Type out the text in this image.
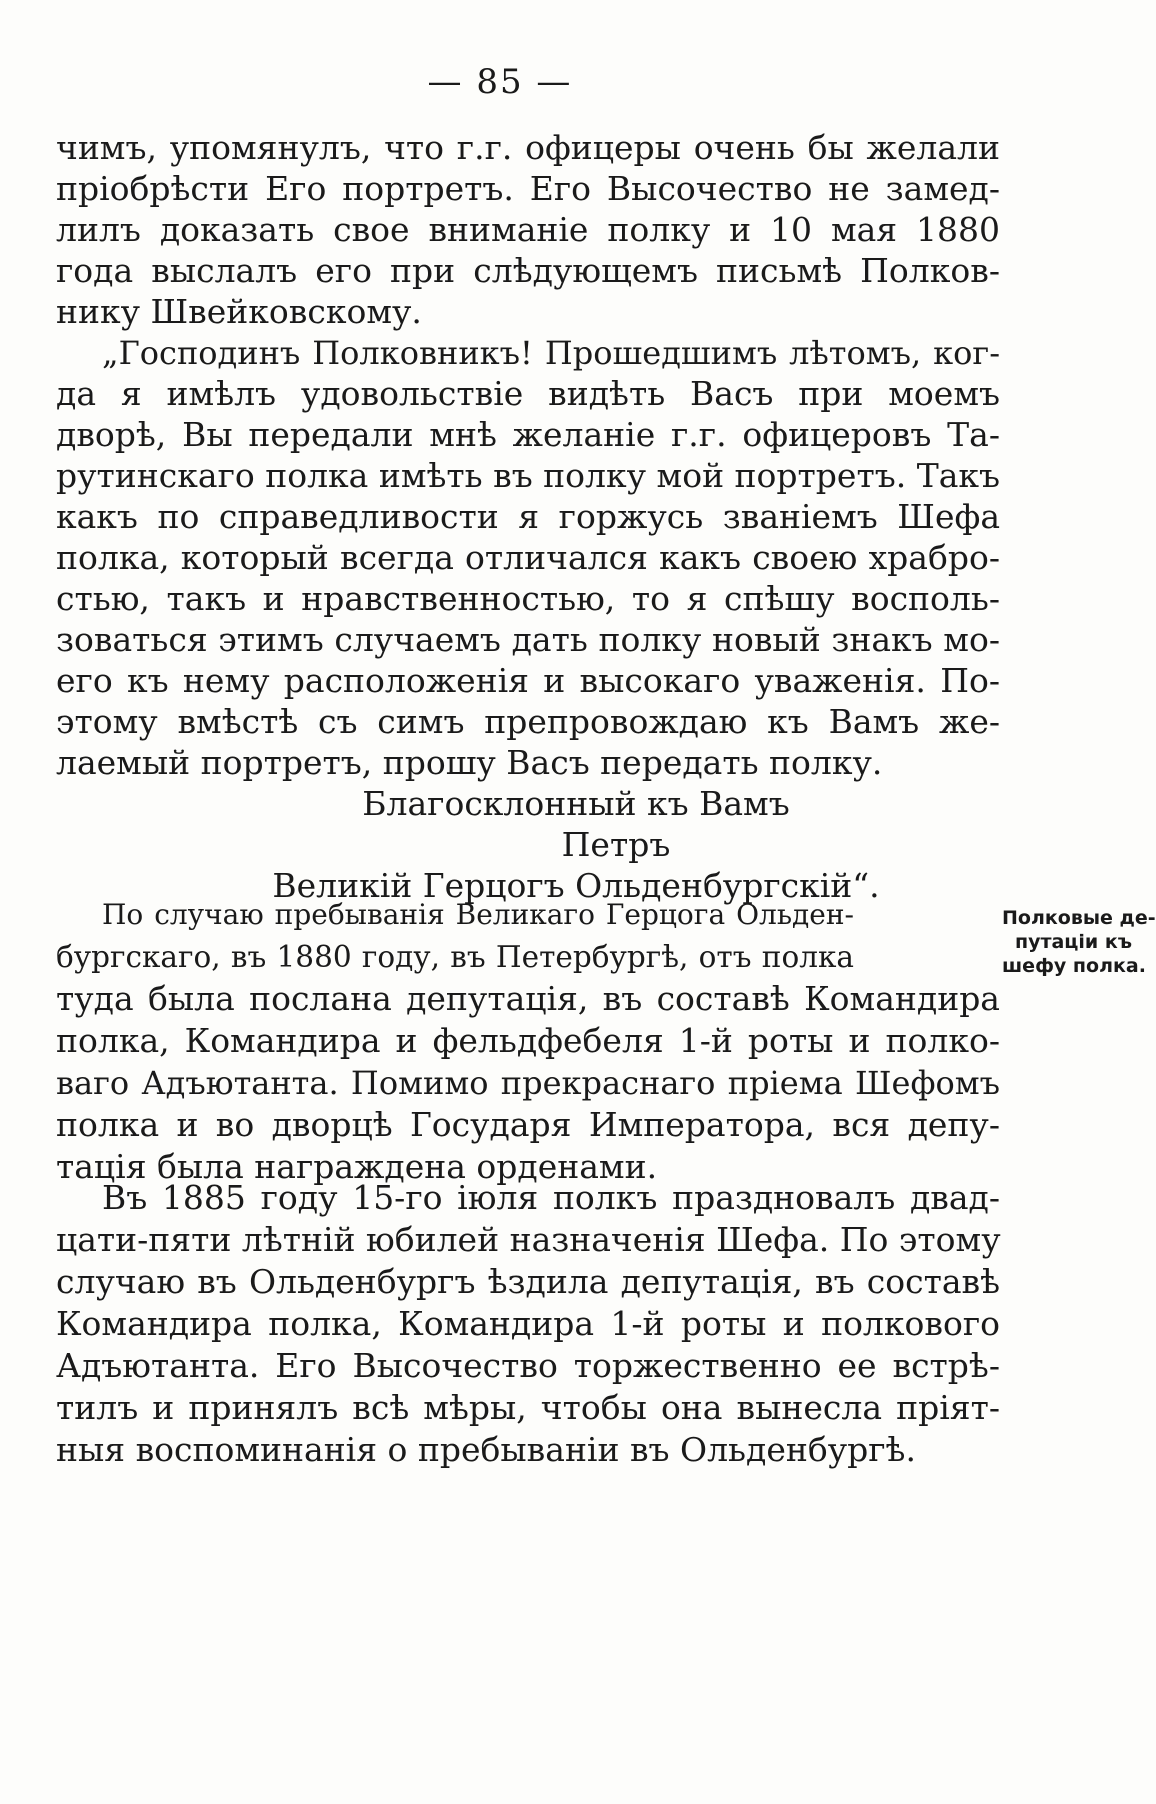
— 85 —
чимъ, упомянулъ, что г.г. офицеры очень бы желали
пріобрѣсти Его портретъ. Его Высочество не замед-
лилъ доказать свое вниманіе полку и 10 мая 1880
года выслалъ его при слѣдующемъ письмѣ Полков-
нику Швейковскому.
„Господинъ Полковникъ! Прошедшимъ лѣтомъ, ког-
да я имѣлъ удовольствіе видѣть Васъ при моемъ
дворѣ, Вы передали мнѣ желаніе г.г. офицеровъ Та-
рутинскаго полка имѣть въ полку мой портретъ. Такъ
какъ по справедливости я горжусь званіемъ Шефа
полка, который всегда отличался какъ своею храбро-
стью, такъ и нравственностью, то я спѣшу восполь-
зоваться этимъ случаемъ дать полку новый знакъ мо-
его къ нему расположенія и высокаго уваженія. По-
этому вмѣстѣ съ симъ препровождаю къ Вамъ же-
лаемый портретъ, прошу Васъ передать полку.
Благосклонный къ Вамъ
Петръ
Великій Герцогъ Ольденбургскій“.
Полковые де-
путаціи къ
шефу полка.
По случаю пребыванія Великаго Герцога Ольден-
бургскаго, въ 1880 году, въ Петербургѣ, отъ полка
туда была послана депутація, въ составѣ Командира
полка, Командира и фельдфебеля 1-й роты и полко-
ваго Адъютанта. Помимо прекраснаго пріема Шефомъ
полка и во дворцѣ Государя Императора, вся депу-
тація была награждена орденами.
Въ 1885 году 15-го іюля полкъ праздновалъ двад-
цати-пяти лѣтній юбилей назначенія Шефа. По этому
случаю въ Ольденбургъ ѣздила депутація, въ составѣ
Командира полка, Командира 1-й роты и полкового
Адъютанта. Его Высочество торжественно ее встрѣ-
тилъ и принялъ всѣ мѣры, чтобы она вынесла пріят-
ныя воспоминанія о пребываніи въ Ольденбургѣ.
